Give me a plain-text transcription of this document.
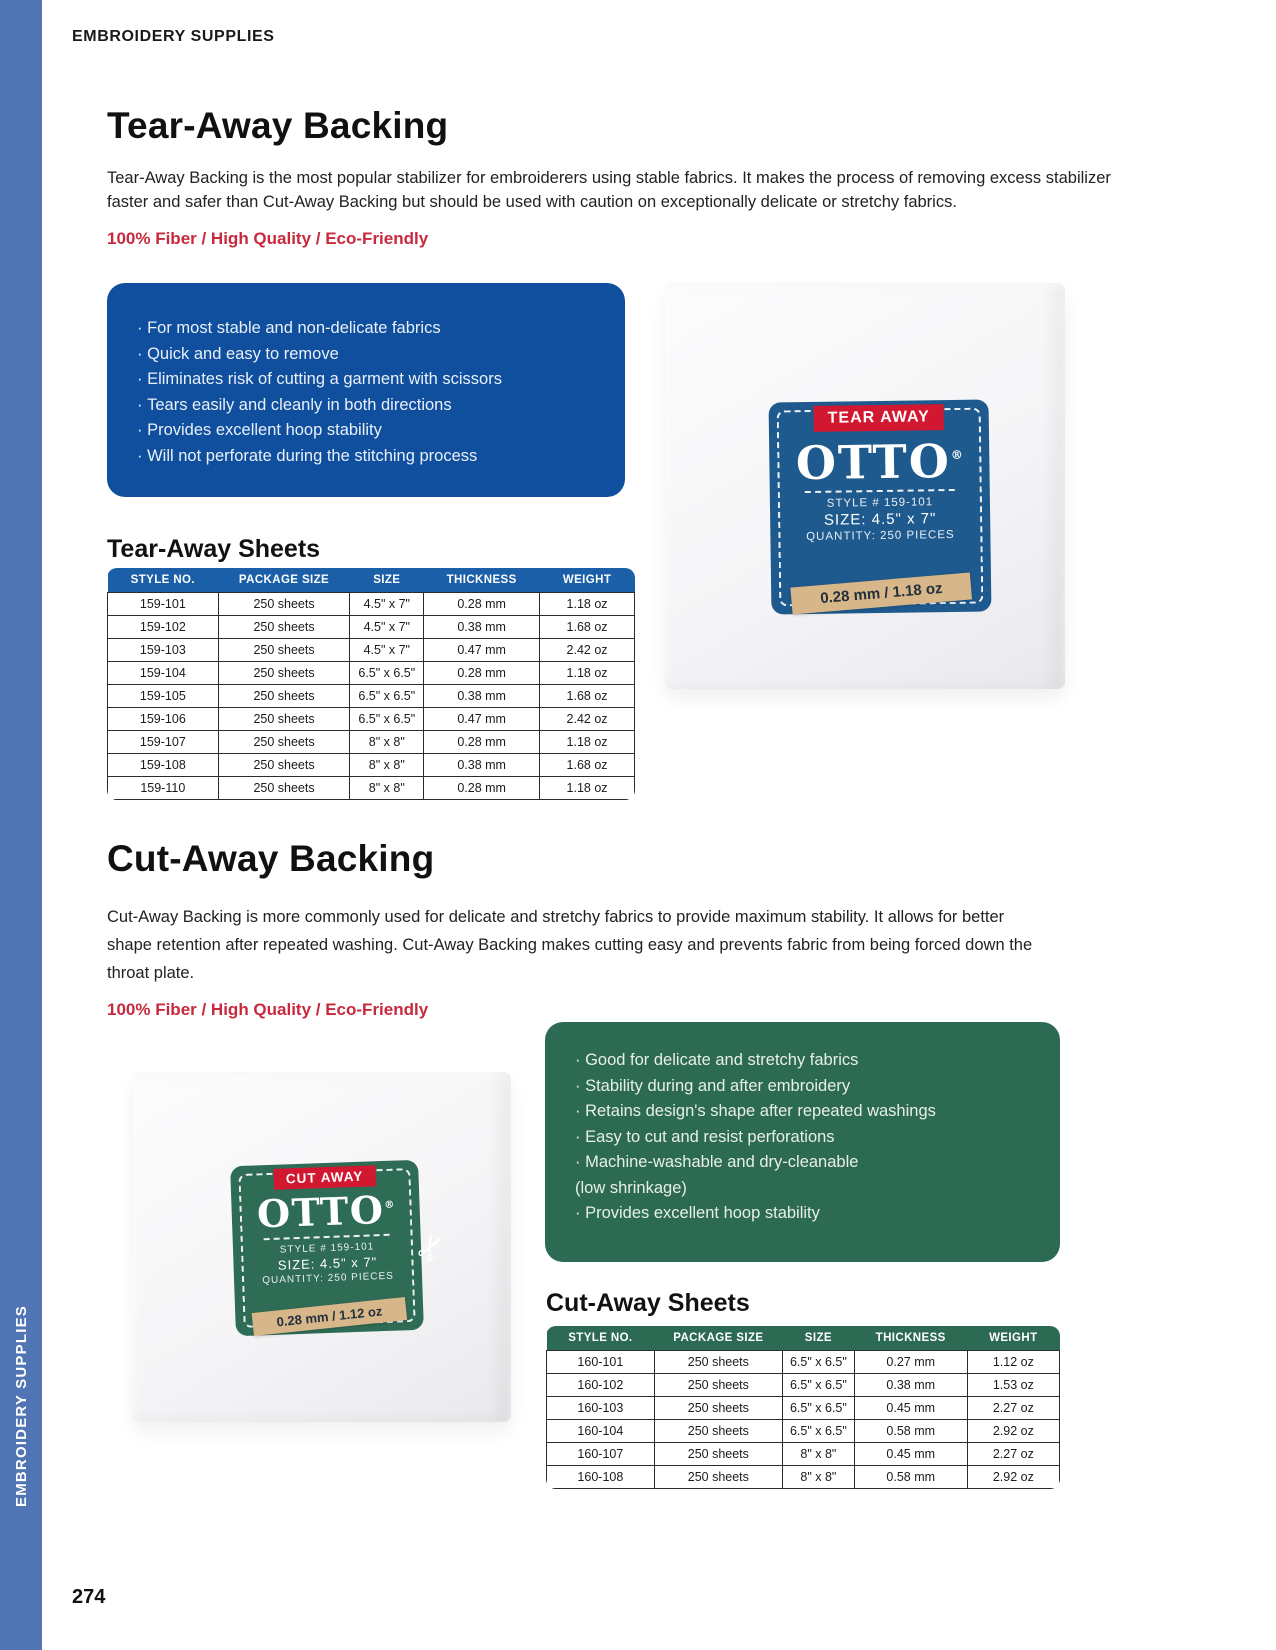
EMBROIDERY SUPPLIES
EMBROIDERY SUPPLIES
Tear-Away Backing

Tear-Away Backing is the most popular stabilizer for embroiderers using stable fabrics. It makes the process of removing excess stabilizer faster and safer than Cut-Away Backing but should be used with caution on exceptionally delicate or stretchy fabrics.

100% Fiber / High Quality / Eco-Friendly

· For most stable and non-delicate fabrics
· Quick and easy to remove
· Eliminates risk of cutting a garment with scissors
· Tears easily and cleanly in both directions
· Provides excellent hoop stability
· Will not perforate during the stitching process
TEAR AWAY
OTTO®
STYLE # 159-101
SIZE: 4.5" x 7"
QUANTITY: 250 PIECES
0.28 mm / 1.18 oz
Tear-Away Sheets
STYLE NO.	PACKAGE SIZE	SIZE	THICKNESS	WEIGHT
159-101	250 sheets	4.5" x 7"	0.28 mm	1.18 oz
159-102	250 sheets	4.5" x 7"	0.38 mm	1.68 oz
159-103	250 sheets	4.5" x 7"	0.47 mm	2.42 oz
159-104	250 sheets	6.5" x 6.5"	0.28 mm	1.18 oz
159-105	250 sheets	6.5" x 6.5"	0.38 mm	1.68 oz
159-106	250 sheets	6.5" x 6.5"	0.47 mm	2.42 oz
159-107	250 sheets	8" x 8"	0.28 mm	1.18 oz
159-108	250 sheets	8" x 8"	0.38 mm	1.68 oz
159-110	250 sheets	8" x 8"	0.28 mm	1.18 oz
Cut-Away Backing

Cut-Away Backing is more commonly used for delicate and stretchy fabrics to provide maximum stability. It allows for better shape retention after repeated washing. Cut-Away Backing makes cutting easy and prevents fabric from being forced down the throat plate.

100% Fiber / High Quality / Eco-Friendly

· Good for delicate and stretchy fabrics
· Stability during and after embroidery
· Retains design's shape after repeated washings
· Easy to cut and resist perforations
· Machine-washable and dry-cleanable
(low shrinkage)
· Provides excellent hoop stability
CUT AWAY
OTTO®
✂
STYLE # 159-101
SIZE: 4.5" x 7"
QUANTITY: 250 PIECES
0.28 mm / 1.12 oz	Cut-Away Sheets
STYLE NO.	PACKAGE SIZE	SIZE	THICKNESS	WEIGHT
160-101	250 sheets	6.5" x 6.5"	0.27 mm	1.12 oz
160-102	250 sheets	6.5" x 6.5"	0.38 mm	1.53 oz
160-103	250 sheets	6.5" x 6.5"	0.45 mm	2.27 oz
160-104	250 sheets	6.5" x 6.5"	0.58 mm	2.92 oz
160-107	250 sheets	8" x 8"	0.45 mm	2.27 oz
160-108	250 sheets	8" x 8"	0.58 mm	2.92 oz
274
